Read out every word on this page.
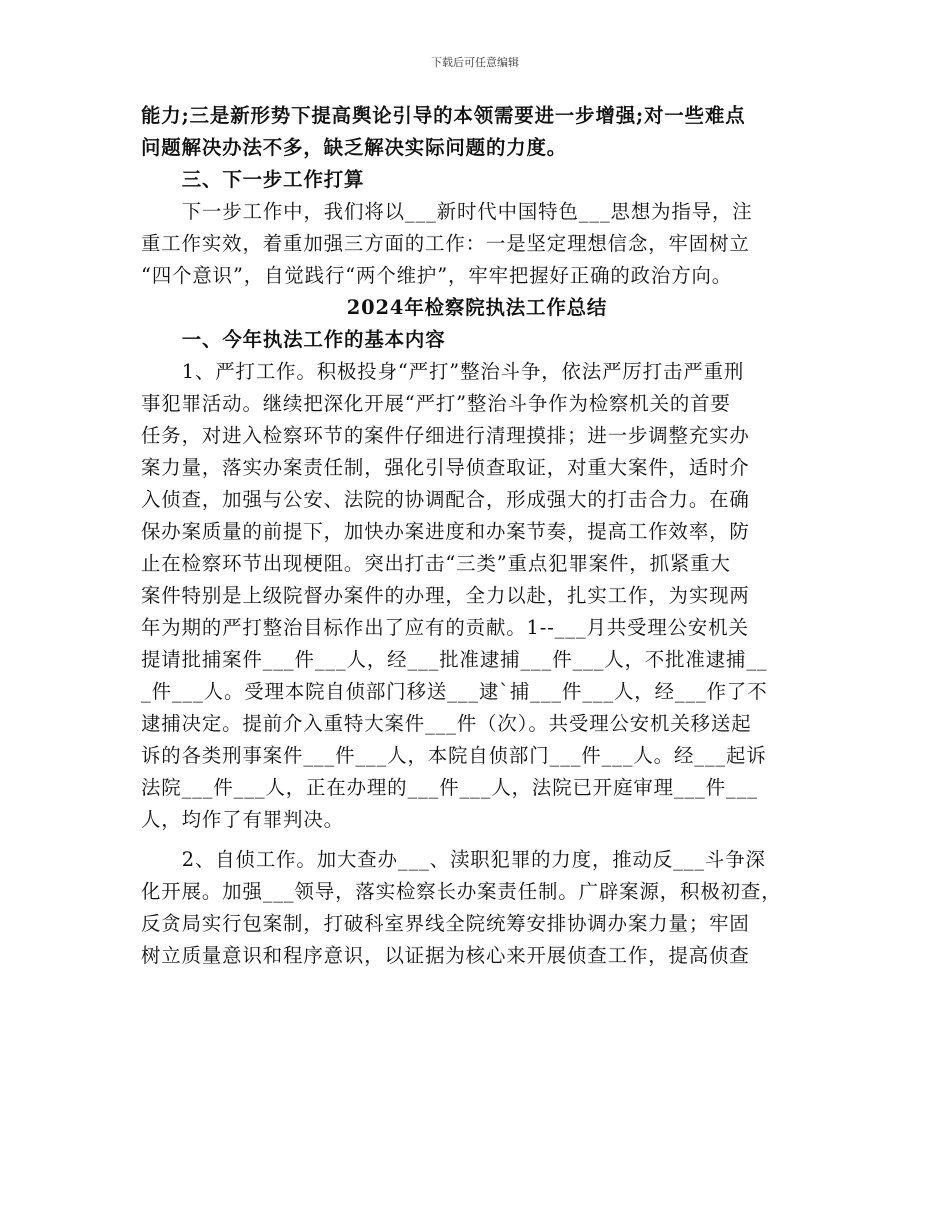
下载后可任意编辑
能力;三是新形势下提高舆论引导的本领需要进一步增强;对一些难点
问题解决办法不多，缺乏解决实际问题的力度。
三、下一步工作打算
下一步工作中，我们将以___新时代中国特色___思想为指导，注
重工作实效，着重加强三方面的工作：一是坚定理想信念，牢固树立
“四个意识”，自觉践行“两个维护”，牢牢把握好正确的政治方向。
2024年检察院执法工作总结
一、今年执法工作的基本内容
1、严打工作。积极投身“严打”整治斗争，依法严厉打击严重刑
事犯罪活动。继续把深化开展“严打”整治斗争作为检察机关的首要
任务，对进入检察环节的案件仔细进行清理摸排；进一步调整充实办
案力量，落实办案责任制，强化引导侦查取证，对重大案件，适时介
入侦查，加强与公安、法院的协调配合，形成强大的打击合力。在确
保办案质量的前提下，加快办案进度和办案节奏，提高工作效率，防
止在检察环节出现梗阻。突出打击“三类”重点犯罪案件，抓紧重大
案件特别是上级院督办案件的办理，全力以赴，扎实工作，为实现两
年为期的严打整治目标作出了应有的贡献。1--___月共受理公安机关
提请批捕案件___件___人，经___批准逮捕___件___人，不批准逮捕__
_件___人。受理本院自侦部门移送___逮`捕___件___人，经___作了不
逮捕决定。提前介入重特大案件___件（次）。共受理公安机关移送起
诉的各类刑事案件___件___人，本院自侦部门___件___人。经___起诉
法院___件___人，正在办理的___件___人，法院已开庭审理___件___
人，均作了有罪判决。
2、自侦工作。加大查办___、渎职犯罪的力度，推动反___斗争深
化开展。加强___领导，落实检察长办案责任制。广辟案源，积极初查，
反贪局实行包案制，打破科室界线全院统筹安排协调办案力量；牢固
树立质量意识和程序意识，以证据为核心来开展侦查工作，提高侦查
